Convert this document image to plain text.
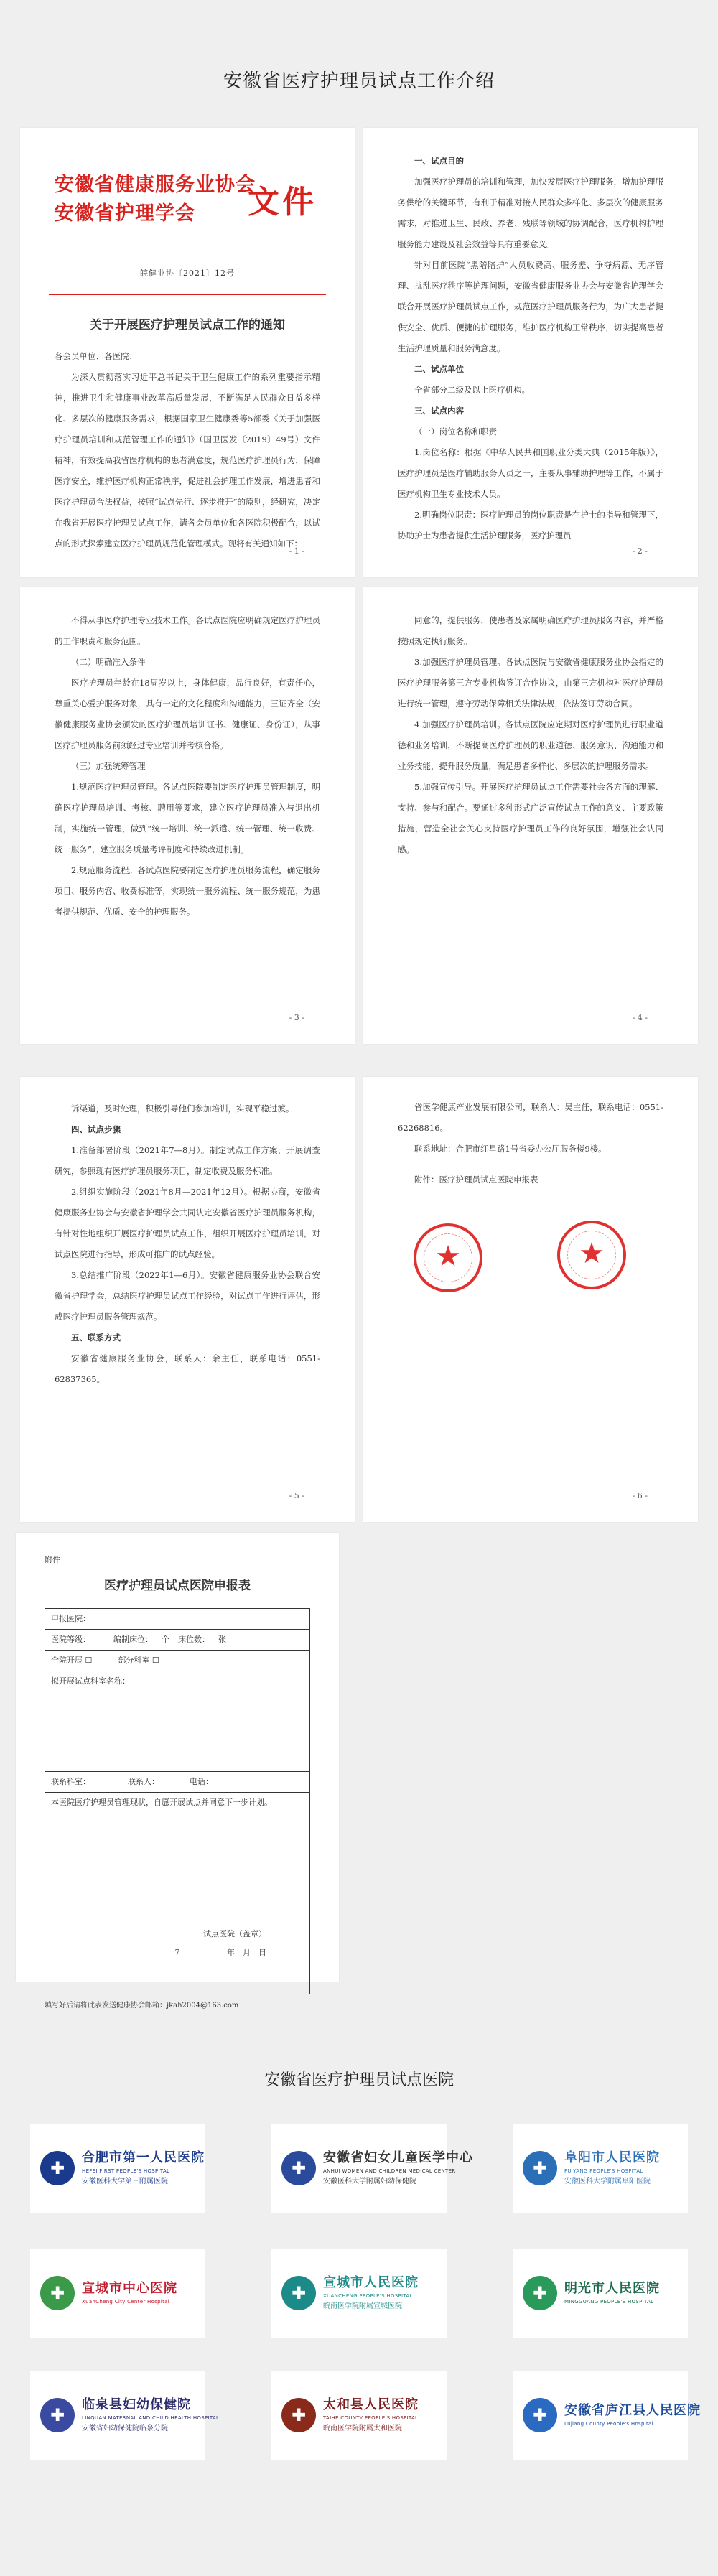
安徽省医疗护理员试点工作介绍
安徽省健康服务业协会
安徽省护理学会	文件
皖健业协〔2021〕12号
关于开展医疗护理员试点工作的通知

各会员单位、各医院：

为深入贯彻落实习近平总书记关于卫生健康工作的系列重要指示精神，推进卫生和健康事业改革高质量发展，不断满足人民群众日益多样化、多层次的健康服务需求，根据国家卫生健康委等5部委《关于加强医疗护理员培训和规范管理工作的通知》（国卫医发〔2019〕49号）文件精神，有效提高我省医疗机构的患者满意度，规范医疗护理员行为，保障医疗安全，维护医疗机构正常秩序，促进社会护理工作发展，增进患者和医疗护理员合法权益，按照“试点先行、逐步推开”的原则，经研究，决定在我省开展医疗护理员试点工作，请各会员单位和各医院积极配合，以试点的形式探索建立医疗护理员规范化管理模式。现将有关通知如下：

- 1 -
一、试点目的

加强医疗护理员的培训和管理，加快发展医疗护理服务，增加护理服务供给的关键环节，有利于精准对接人民群众多样化、多层次的健康服务需求，对推进卫生、民政、养老、残联等领域的协调配合，医疗机构护理服务能力建设及社会效益等具有重要意义。

针对目前医院“黑陪陪护”人员收费高、服务差、争夺病源、无序管理、扰乱医疗秩序等护理问题，安徽省健康服务业协会与安徽省护理学会联合开展医疗护理员试点工作，规范医疗护理员服务行为，为广大患者提供安全、优质、便捷的护理服务，维护医疗机构正常秩序，切实提高患者生活护理质量和服务满意度。

二、试点单位

全省部分二级及以上医疗机构。

三、试点内容
（一）岗位名称和职责

1.岗位名称：根据《中华人民共和国职业分类大典（2015年版）》，医疗护理员是医疗辅助服务人员之一，主要从事辅助护理等工作，不属于医疗机构卫生专业技术人员。

2.明确岗位职责：医疗护理员的岗位职责是在护士的指导和管理下，协助护士为患者提供生活护理服务，医疗护理员

- 2 -

不得从事医疗护理专业技术工作。各试点医院应明确规定医疗护理员的工作职责和服务范围。

（二）明确准入条件

医疗护理员年龄在18周岁以上，身体健康，品行良好，有责任心，尊重关心爱护服务对象，具有一定的文化程度和沟通能力，三证齐全（安徽健康服务业协会颁发的医疗护理员培训证书、健康证、身份证），从事医疗护理员服务前须经过专业培训并考核合格。

（三）加强统筹管理

1.规范医疗护理员管理。各试点医院要制定医疗护理员管理制度，明确医疗护理员培训、考核、聘用等要求，建立医疗护理员准入与退出机制，实施统一管理，做到“统一培训、统一派遣、统一管理、统一收费、统一服务”，建立服务质量考评制度和持续改进机制。

2.规范服务流程。各试点医院要制定医疗护理员服务流程，确定服务项目、服务内容、收费标准等，实现统一服务流程、统一服务规范，为患者提供规范、优质、安全的护理服务。

- 3 -

同意的，提供服务，使患者及家属明确医疗护理员服务内容，并严格按照规定执行服务。

3.加强医疗护理员管理。各试点医院与安徽省健康服务业协会指定的医疗护理服务第三方专业机构签订合作协议，由第三方机构对医疗护理员进行统一管理，遵守劳动保障相关法律法规，依法签订劳动合同。

4.加强医疗护理员培训。各试点医院应定期对医疗护理员进行职业道德和业务培训，不断提高医疗护理员的职业道德、服务意识、沟通能力和业务技能，提升服务质量，满足患者多样化、多层次的护理服务需求。

5.加强宣传引导。开展医疗护理员试点工作需要社会各方面的理解、支持、参与和配合。要通过多种形式广泛宣传试点工作的意义、主要政策措施，营造全社会关心支持医疗护理员工作的良好氛围，增强社会认同感。

- 4 -

诉渠道，及时处理，积极引导他们参加培训，实现平稳过渡。

四、试点步骤

1.准备部署阶段（2021年7—8月）。制定试点工作方案，开展调查研究，参照现有医疗护理员服务项目，制定收费及服务标准。

2.组织实施阶段（2021年8月—2021年12月）。根据协商，安徽省健康服务业协会与安徽省护理学会共同认定安徽省医疗护理员服务机构，有针对性地组织开展医疗护理员试点工作，组织开展医疗护理员培训，对试点医院进行指导，形成可推广的试点经验。

3.总结推广阶段（2022年1—6月）。安徽省健康服务业协会联合安徽省护理学会，总结医疗护理员试点工作经验，对试点工作进行评估，形成医疗护理员服务管理规范。

五、联系方式

安徽省健康服务业协会，联系人：余主任，联系电话：0551-62837365。

- 5 -

省医学健康产业发展有限公司，联系人：吴主任，联系电话：0551-62268816。

联系地址：合肥市红星路1号省委办公厅服务楼9楼。

附件：医疗护理员试点医院申报表

★
★
- 6 -
附件
医疗护理员试点医院申报表
申报医院：
医院等级：	编制床位： 个 床位数： 张
全院开展 ☐	部分科室 ☐
拟开展试点科室名称：
联系科室：	联系人：	电话：
本医院医疗护理员管理现状，自愿开展试点并同意下一步计划。
试点医院（盖章）
年　月　日
填写好后请将此表发送健康协会邮箱：jkah2004@163.com
7
安徽省医疗护理员试点医院
✚
合肥市第一人民医院
HEFEI FIRST PEOPLE'S HOSPITAL
安徽医科大学第三附属医院
✚
安徽省妇女儿童医学中心
ANHUI WOMEN AND CHILDREN MEDICAL CENTER
安徽医科大学附属妇幼保健院
✚
阜阳市人民医院
FU YANG PEOPLE'S HOSPITAL
安徽医科大学附属阜阳医院
✚ 宣城市中心医院
XuanCheng City Center Hospital	✚
宣城市人民医院
XUANCHENG PEOPLE'S HOSPITAL
皖南医学院附属宣城医院
✚ 明光市人民医院
MINGGUANG PEOPLE'S HOSPITAL
✚
临泉县妇幼保健院
LINQUAN MATERNAL AND CHILD HEALTH HOSPITAL
安徽省妇幼保健院临泉分院
✚
太和县人民医院
TAIHE COUNTY PEOPLE'S HOSPITAL
皖南医学院附属太和医院
✚ 安徽省庐江县人民医院
Lujiang County People's Hospital
